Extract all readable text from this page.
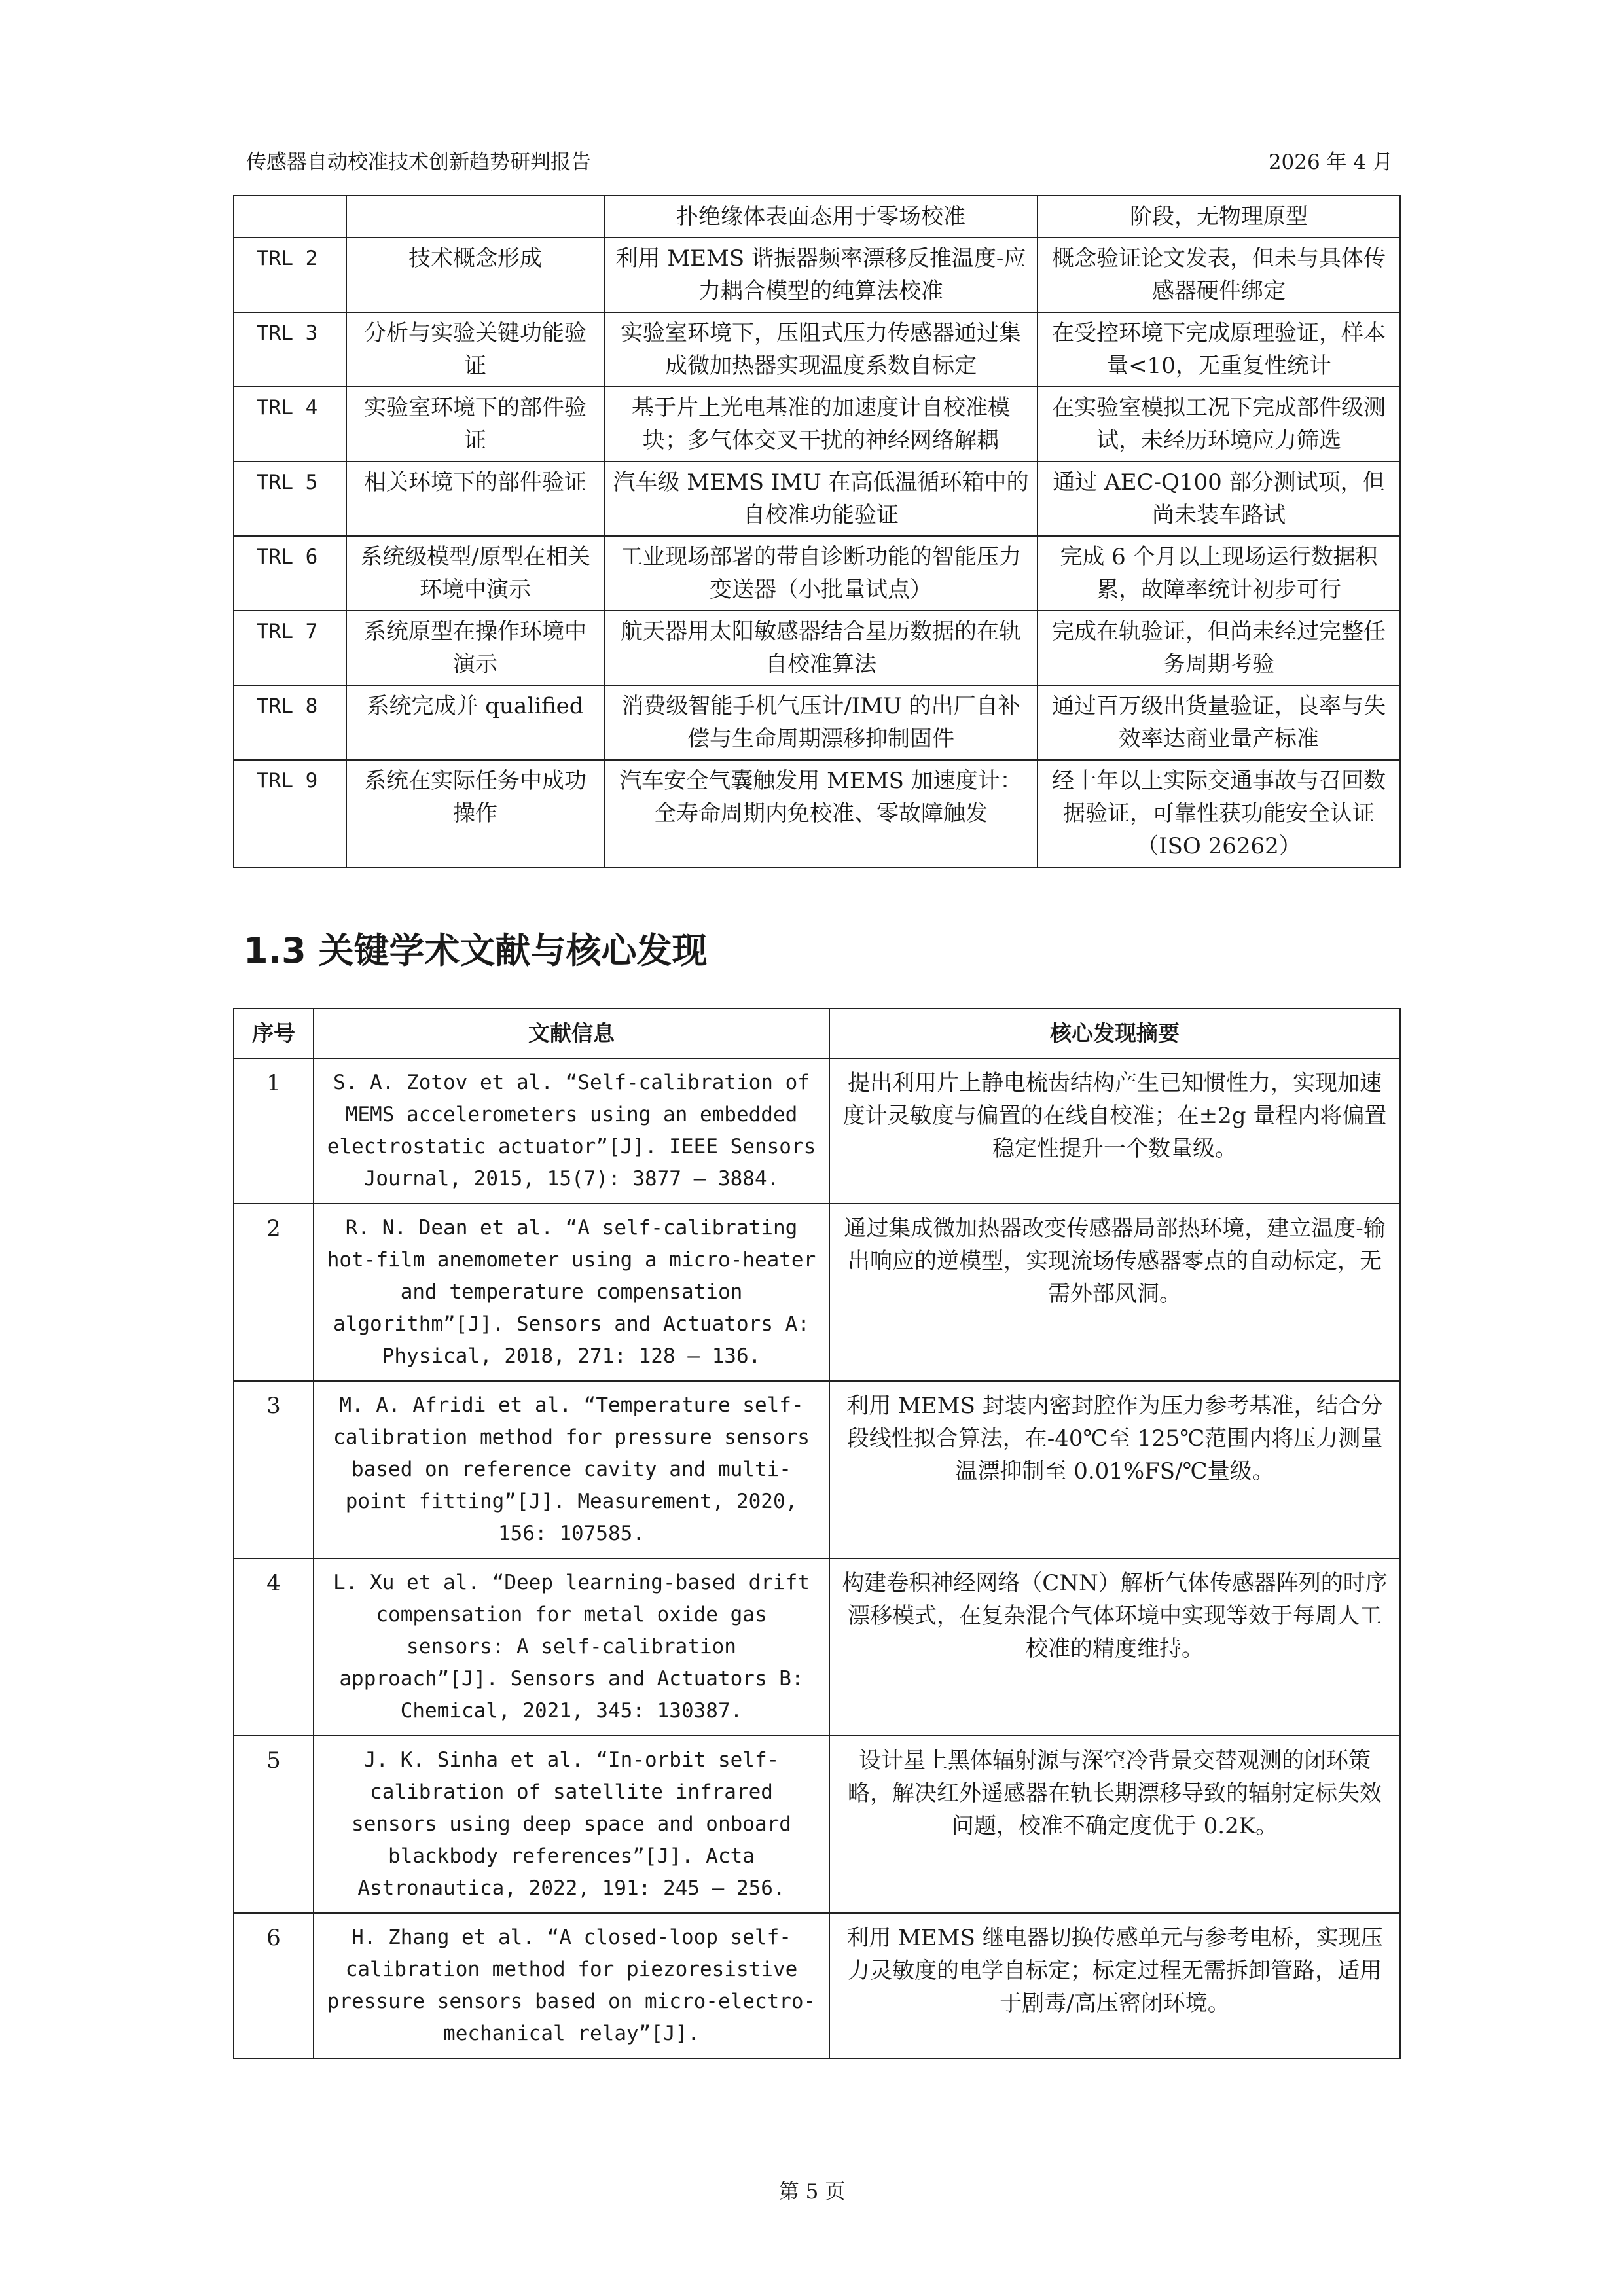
传感器自动校准技术创新趋势研判报告	2026 年 4 月
		扑绝缘体表面态用于零场校准	阶段，无物理原型
TRL 2	技术概念形成	利用 MEMS 谐振器频率漂移反推温度-应力耦合模型的纯算法校准	概念验证论文发表，但未与具体传感器硬件绑定
TRL 3	分析与实验关键功能验证	实验室环境下，压阻式压力传感器通过集成微加热器实现温度系数自标定	在受控环境下完成原理验证，样本量<10，无重复性统计
TRL 4	实验室环境下的部件验证	基于片上光电基准的加速度计自校准模块；多气体交叉干扰的神经网络解耦	在实验室模拟工况下完成部件级测试，未经历环境应力筛选
TRL 5	相关环境下的部件验证	汽车级 MEMS IMU 在高低温循环箱中的自校准功能验证	通过 AEC-Q100 部分测试项，但尚未装车路试
TRL 6	系统级模型/原型在相关环境中演示	工业现场部署的带自诊断功能的智能压力变送器（小批量试点）	完成 6 个月以上现场运行数据积累，故障率统计初步可行
TRL 7	系统原型在操作环境中演示	航天器用太阳敏感器结合星历数据的在轨自校准算法	完成在轨验证，但尚未经过完整任务周期考验
TRL 8	系统完成并 qualified	消费级智能手机气压计/IMU 的出厂自补偿与生命周期漂移抑制固件	通过百万级出货量验证，良率与失效率达商业量产标准
TRL 9	系统在实际任务中成功操作	汽车安全气囊触发用 MEMS 加速度计：全寿命周期内免校准、零故障触发	经十年以上实际交通事故与召回数据验证，可靠性获功能安全认证（ISO 26262）
1.3 关键学术文献与核心发现
序号	文献信息	核心发现摘要
1	S. A. Zotov et al. “Self-calibration of MEMS accelerometers using an embedded electrostatic actuator”[J]. IEEE Sensors Journal, 2015, 15(7): 3877 – 3884.	提出利用片上静电梳齿结构产生已知惯性力，实现加速度计灵敏度与偏置的在线自校准；在±2g 量程内将偏置稳定性提升一个数量级。
2	R. N. Dean et al. “A self-calibrating hot-film anemometer using a micro-heater and temperature compensation algorithm”[J]. Sensors and Actuators A: Physical, 2018, 271: 128 – 136.	通过集成微加热器改变传感器局部热环境，建立温度-输出响应的逆模型，实现流场传感器零点的自动标定，无需外部风洞。
3	M. A. Afridi et al. “Temperature self-calibration method for pressure sensors based on reference cavity and multi-point fitting”[J]. Measurement, 2020, 156: 107585.	利用 MEMS 封装内密封腔作为压力参考基准，结合分段线性拟合算法，在-40℃至 125℃范围内将压力测量温漂抑制至 0.01%FS/℃量级。
4	L. Xu et al. “Deep learning-based drift compensation for metal oxide gas sensors: A self-calibration approach”[J]. Sensors and Actuators B: Chemical, 2021, 345: 130387.	构建卷积神经网络（CNN）解析气体传感器阵列的时序漂移模式，在复杂混合气体环境中实现等效于每周人工校准的精度维持。
5	J. K. Sinha et al. “In-orbit self-calibration of satellite infrared sensors using deep space and onboard blackbody references”[J]. Acta Astronautica, 2022, 191: 245 – 256.	设计星上黑体辐射源与深空冷背景交替观测的闭环策略，解决红外遥感器在轨长期漂移导致的辐射定标失效问题，校准不确定度优于 0.2K。
6	H. Zhang et al. “A closed-loop self-calibration method for piezoresistive pressure sensors based on micro-electro-mechanical relay”[J].	利用 MEMS 继电器切换传感单元与参考电桥，实现压力灵敏度的电学自标定；标定过程无需拆卸管路，适用于剧毒/高压密闭环境。
第 5 页
